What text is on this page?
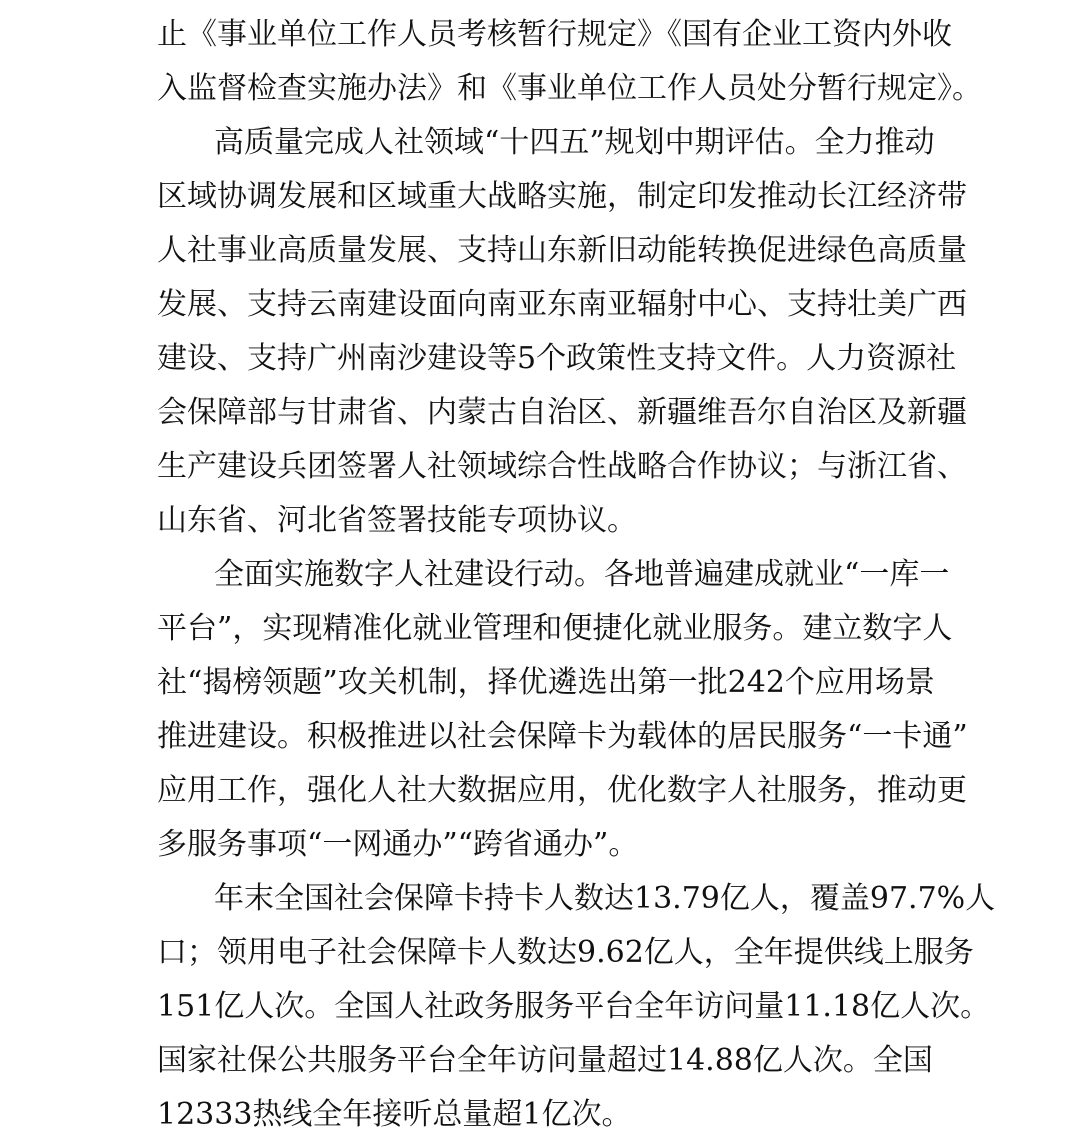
止《事业单位工作人员考核暂行规定》《国有企业工资内外收
入监督检查实施办法》和《事业单位工作人员处分暂行规定》。
高质量完成人社领域“十四五”规划中期评估。全力推动
区域协调发展和区域重大战略实施，制定印发推动长江经济带
人社事业高质量发展、支持山东新旧动能转换促进绿色高质量
发展、支持云南建设面向南亚东南亚辐射中心、支持壮美广西
建设、支持广州南沙建设等5个政策性支持文件。人力资源社
会保障部与甘肃省、内蒙古自治区、新疆维吾尔自治区及新疆
生产建设兵团签署人社领域综合性战略合作协议；与浙江省、
山东省、河北省签署技能专项协议。
全面实施数字人社建设行动。各地普遍建成就业“一库一
平台”，实现精准化就业管理和便捷化就业服务。建立数字人
社“揭榜领题”攻关机制，择优遴选出第一批242个应用场景
推进建设。积极推进以社会保障卡为载体的居民服务“一卡通”
应用工作，强化人社大数据应用，优化数字人社服务，推动更
多服务事项“一网通办”“跨省通办”。
年末全国社会保障卡持卡人数达13.79亿人，覆盖97.7%人
口；领用电子社会保障卡人数达9.62亿人，全年提供线上服务
151亿人次。全国人社政务服务平台全年访问量11.18亿人次。
国家社保公共服务平台全年访问量超过14.88亿人次。全国
12333热线全年接听总量超1亿次。
